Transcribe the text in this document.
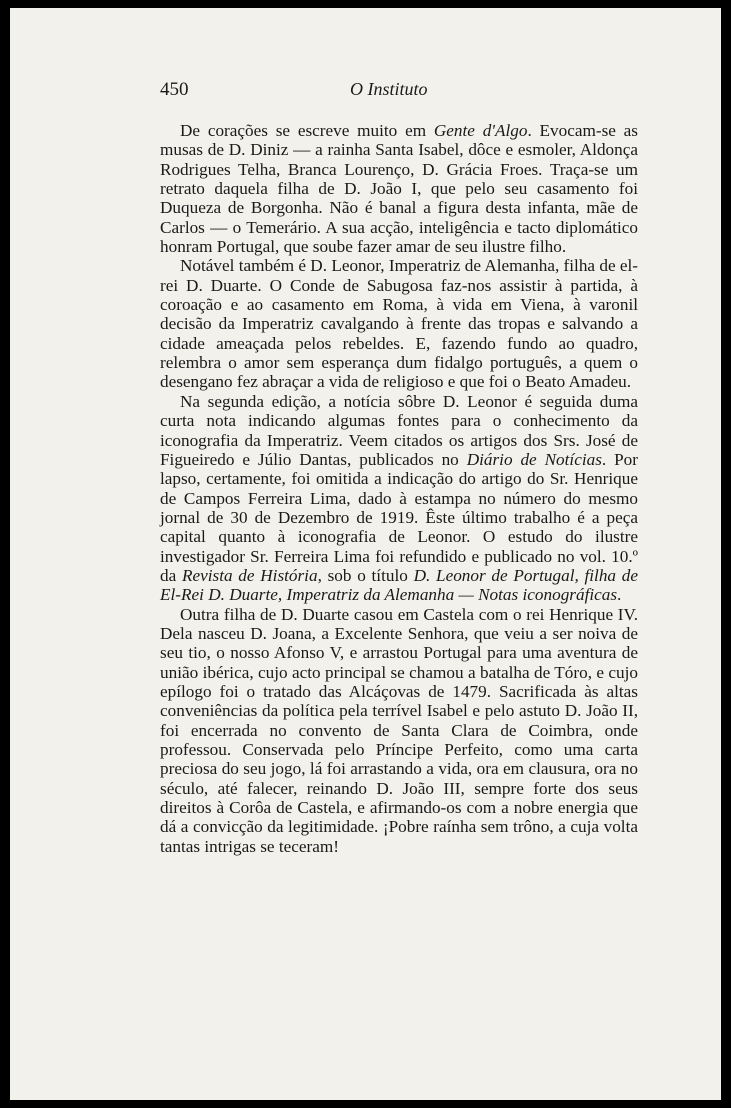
450	O Instituto

De corações se escreve muito em Gente d'Algo. Evocam-se as musas de D. Diniz — a rainha Santa Isabel, dôce e esmoler, Aldonça Rodrigues Telha, Branca Lourenço, D. Grácia Froes. Traça-se um retrato daquela filha de D. João I, que pelo seu casamento foi Duqueza de Borgonha. Não é banal a figura desta infanta, mãe de Carlos — o Temerário. A sua acção, inteligência e tacto diplomático honram Portugal, que soube fazer amar de seu ilustre filho.

Notável também é D. Leonor, Imperatriz de Alemanha, filha de el-rei D. Duarte. O Conde de Sabugosa faz-nos assistir à partida, à coroação e ao casamento em Roma, à vida em Viena, à varonil decisão da Imperatriz cavalgando à frente das tropas e salvando a cidade ameaçada pelos rebeldes. E, fazendo fundo ao quadro, relembra o amor sem esperança dum fidalgo português, a quem o desengano fez abraçar a vida de religioso e que foi o Beato Amadeu.

Na segunda edição, a notícia sôbre D. Leonor é seguida duma curta nota indicando algumas fontes para o conhecimento da iconografia da Imperatriz. Veem citados os artigos dos Srs. José de Figueiredo e Júlio Dantas, publicados no Diário de Notícias. Por lapso, certamente, foi omitida a indicação do artigo do Sr. Henrique de Campos Ferreira Lima, dado à estampa no número do mesmo jornal de 30 de Dezembro de 1919. Êste último trabalho é a peça capital quanto à iconografia de Leonor. O estudo do ilustre investigador Sr. Ferreira Lima foi refundido e publicado no vol. 10.º da Revista de História, sob o título D. Leonor de Portugal, filha de El-Rei D. Duarte, Imperatriz da Alemanha — Notas iconográficas.

Outra filha de D. Duarte casou em Castela com o rei Henrique IV. Dela nasceu D. Joana, a Excelente Senhora, que veiu a ser noiva de seu tio, o nosso Afonso V, e arrastou Portugal para uma aventura de união ibérica, cujo acto principal se chamou a batalha de Tóro, e cujo epílogo foi o tratado das Alcáçovas de 1479. Sacrificada às altas conveniências da política pela terrível Isabel e pelo astuto D. João II, foi encerrada no convento de Santa Clara de Coimbra, onde professou. Conservada pelo Príncipe Perfeito, como uma carta preciosa do seu jogo, lá foi arrastando a vida, ora em clausura, ora no século, até falecer, reinando D. João III, sempre forte dos seus direitos à Corôa de Castela, e afirmando-os com a nobre energia que dá a convicção da legitimidade. ¡Pobre raínha sem trôno, a cuja volta tantas intrigas se teceram!
